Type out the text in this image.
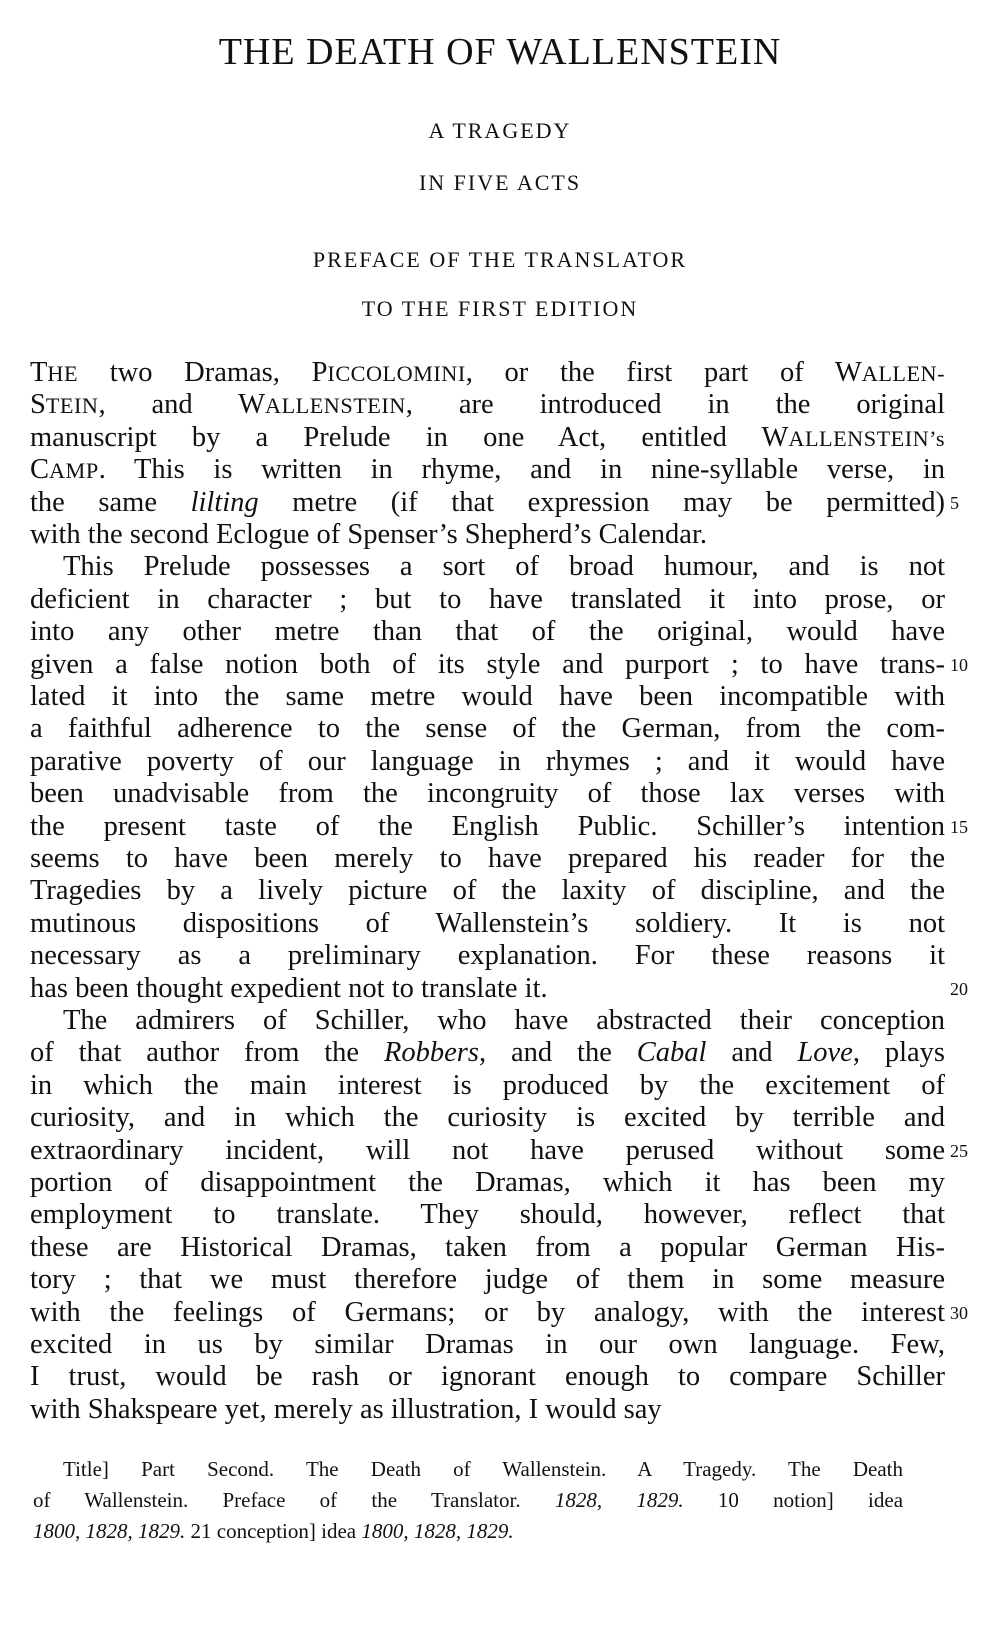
THE DEATH OF WALLENSTEIN
A TRAGEDY
IN FIVE ACTS
PREFACE OF THE TRANSLATOR
TO THE FIRST EDITION
THE two Dramas, PICCOLOMINI, or the first part of WALLEN-
STEIN, and WALLENSTEIN, are introduced in the original
manuscript by a Prelude in one Act, entitled WALLENSTEIN’s
CAMP. This is written in rhyme, and in nine-syllable verse, in
the same lilting metre (if that expression may be permitted)
with the second Eclogue of Spenser’s Shepherd’s Calendar.
This Prelude possesses a sort of broad humour, and is not
deficient in character ; but to have translated it into prose, or
into any other metre than that of the original, would have
given a false notion both of its style and purport ; to have trans-
lated it into the same metre would have been incompatible with
a faithful adherence to the sense of the German, from the com-
parative poverty of our language in rhymes ; and it would have
been unadvisable from the incongruity of those lax verses with
the present taste of the English Public. Schiller’s intention
seems to have been merely to have prepared his reader for the
Tragedies by a lively picture of the laxity of discipline, and the
mutinous dispositions of Wallenstein’s soldiery. It is not
necessary as a preliminary explanation. For these reasons it
has been thought expedient not to translate it.
The admirers of Schiller, who have abstracted their conception
of that author from the Robbers, and the Cabal and Love, plays
in which the main interest is produced by the excitement of
curiosity, and in which the curiosity is excited by terrible and
extraordinary incident, will not have perused without some
portion of disappointment the Dramas, which it has been my
employment to translate. They should, however, reflect that
these are Historical Dramas, taken from a popular German His-
tory ; that we must therefore judge of them in some measure
with the feelings of Germans; or by analogy, with the interest
excited in us by similar Dramas in our own language. Few,
I trust, would be rash or ignorant enough to compare Schiller
with Shakspeare yet, merely as illustration, I would say
5
10
15
20
25
30
Title] Part Second. The Death of Wallenstein. A Tragedy. The Death
of Wallenstein. Preface of the Translator. 1828, 1829. 10 notion] idea
1800, 1828, 1829. 21 conception] idea 1800, 1828, 1829.
